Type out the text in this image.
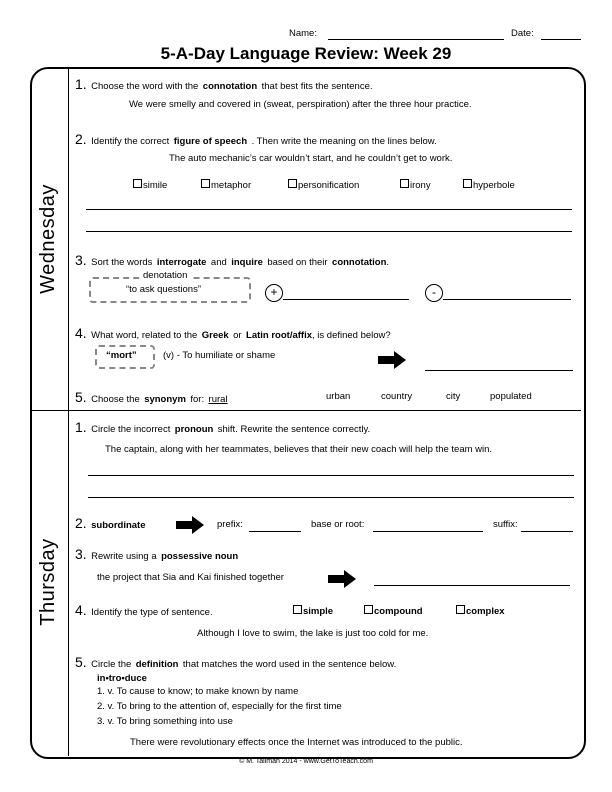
Name:	Date:
5-A-Day Language Review: Week 29
Wednesday
Thursday
1. Choose the word with the connotation that best fits the sentence.
We were smelly and covered in (sweat, perspiration) after the three hour practice.
2. Identify the correct figure of speech . Then write the meaning on the lines below.
The auto mechanic’s car wouldn’t start, and he couldn’t get to work.
simile	metaphor	personification	irony	hyperbole
3. Sort the words interrogate and inquire based on their connotation.
denotation
“to ask questions”	+	-
4. What word, related to the Greek or Latin root/affix, is defined below?
“mort”	(v) - To humiliate or shame
5. Choose the synonym for: rural	urban	country	city	populated
1. Circle the incorrect pronoun shift. Rewrite the sentence correctly.
The captain, along with her teammates, believes that their new coach will help the team win.
2. subordinate	prefix:	base or root:	suffix:
3. Rewrite using a possessive noun
the project that Sia and Kai finished together
4. Identify the type of sentence.	simple	compound	complex
Although I love to swim, the lake is just too cold for me.
5. Circle the definition that matches the word used in the sentence below.
in•tro•duce
1. v. To cause to know; to make known by name
2. v. To bring to the attention of, especially for the first time
3. v. To bring something into use
There were revolutionary effects once the Internet was introduced to the public.
© M. Tallman 2014 - www.GetToTeach.com
